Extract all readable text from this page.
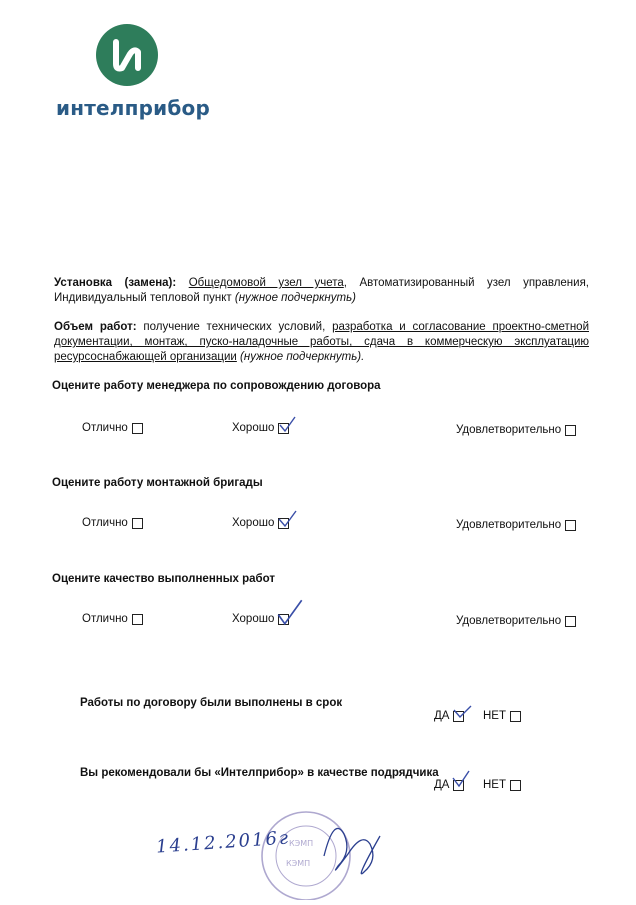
интелприбор
Установка (замена): Общедомовой узел учета, Автоматизированный узел управления, Индивидуальный тепловой пункт (нужное подчеркнуть)
Объем работ: получение технических условий, разработка и согласование проектно-сметной документации, монтаж, пуско-наладочные работы, сдача в коммерческую эксплуатацию ресурсоснабжающей организации (нужное подчеркнуть).
Оцените работу менеджера по сопровождению договора
Отлично	Хорошо	Удовлетворительно
Оцените работу монтажной бригады
Отлично	Хорошо	Удовлетворительно
Оцените качество выполненных работ
Отлично	Хорошо	Удовлетворительно
Работы по договору были выполнены в срок
ДА	НЕТ
Вы рекомендовали бы «Интелприбор» в качестве подрядчика
ДА	НЕТ
КЭМП
КЭМП
14.12.2016г
